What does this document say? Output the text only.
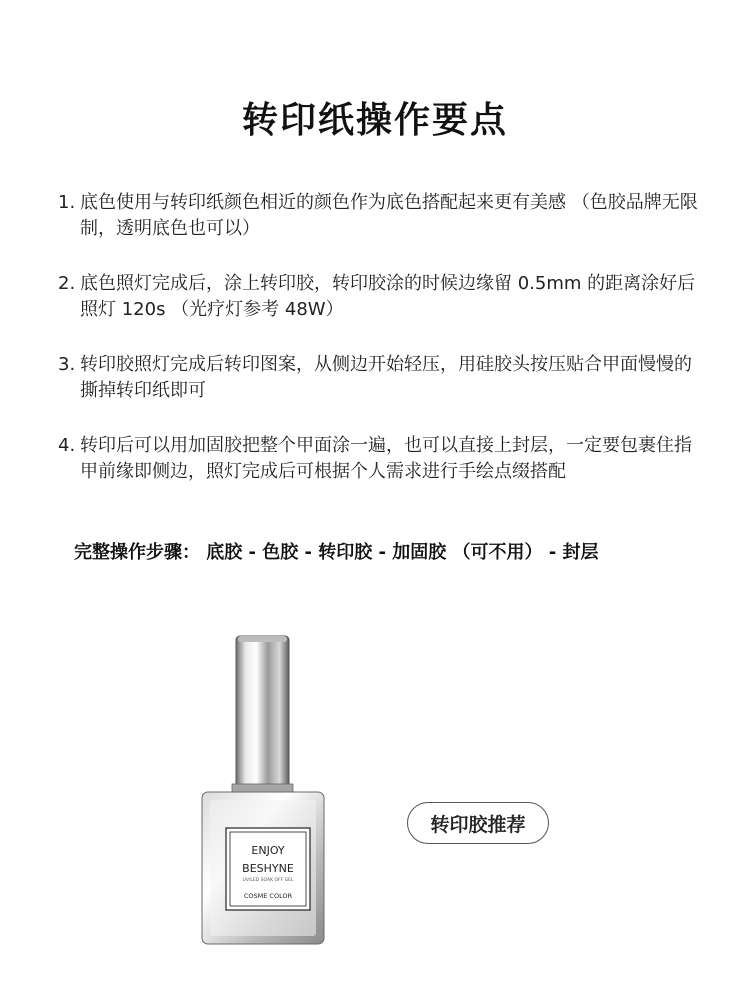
转印纸操作要点
1. 底色使用与转印纸颜色相近的颜色作为底色搭配起来更有美感 （色胶品牌无限制，透明底色也可以）
2. 底色照灯完成后，涂上转印胶，转印胶涂的时候边缘留 0.5mm 的距离涂好后照灯 120s （光疗灯参考 48W）
3. 转印胶照灯完成后转印图案，从侧边开始轻压，用硅胶头按压贴合甲面慢慢的撕掉转印纸即可
4. 转印后可以用加固胶把整个甲面涂一遍，也可以直接上封层，一定要包裹住指甲前缘即侧边，照灯完成后可根据个人需求进行手绘点缀搭配
完整操作步骤： 底胶 - 色胶 - 转印胶 - 加固胶 （可不用） - 封层
ENJOY
BESHYNE
UV/LED SOAK OFF GEL
COSME COLOR
转印胶推荐
